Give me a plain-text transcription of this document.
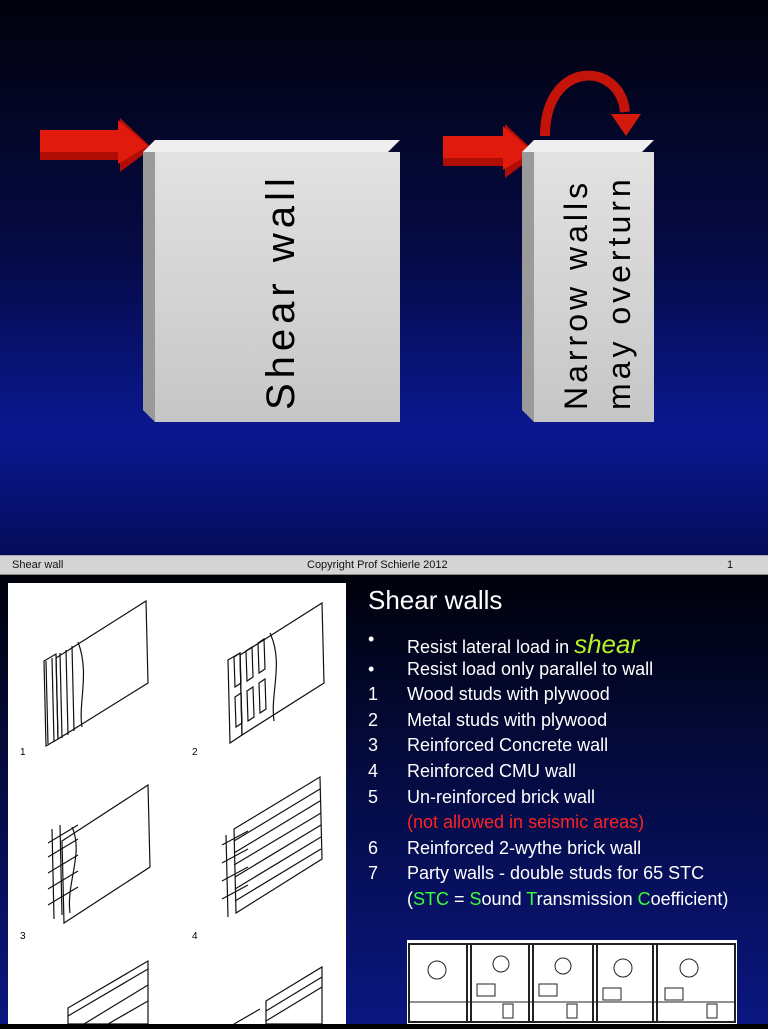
Shear wall	Narrow walls may overturn
Shear wall	Copyright Prof Schierle 2012	1
1	2
3	4
Shear walls
•	Resist lateral load in shear
•	Resist load only parallel to wall
1	Wood studs with plywood
2	Metal studs with plywood
3	Reinforced Concrete wall
4	Reinforced CMU wall
5	Un-reinforced brick wall
(not allowed in seismic areas)
6	Reinforced 2-wythe brick wall
7	Party walls - double studs for 65 STC
(STC = Sound Transmission Coefficient)
